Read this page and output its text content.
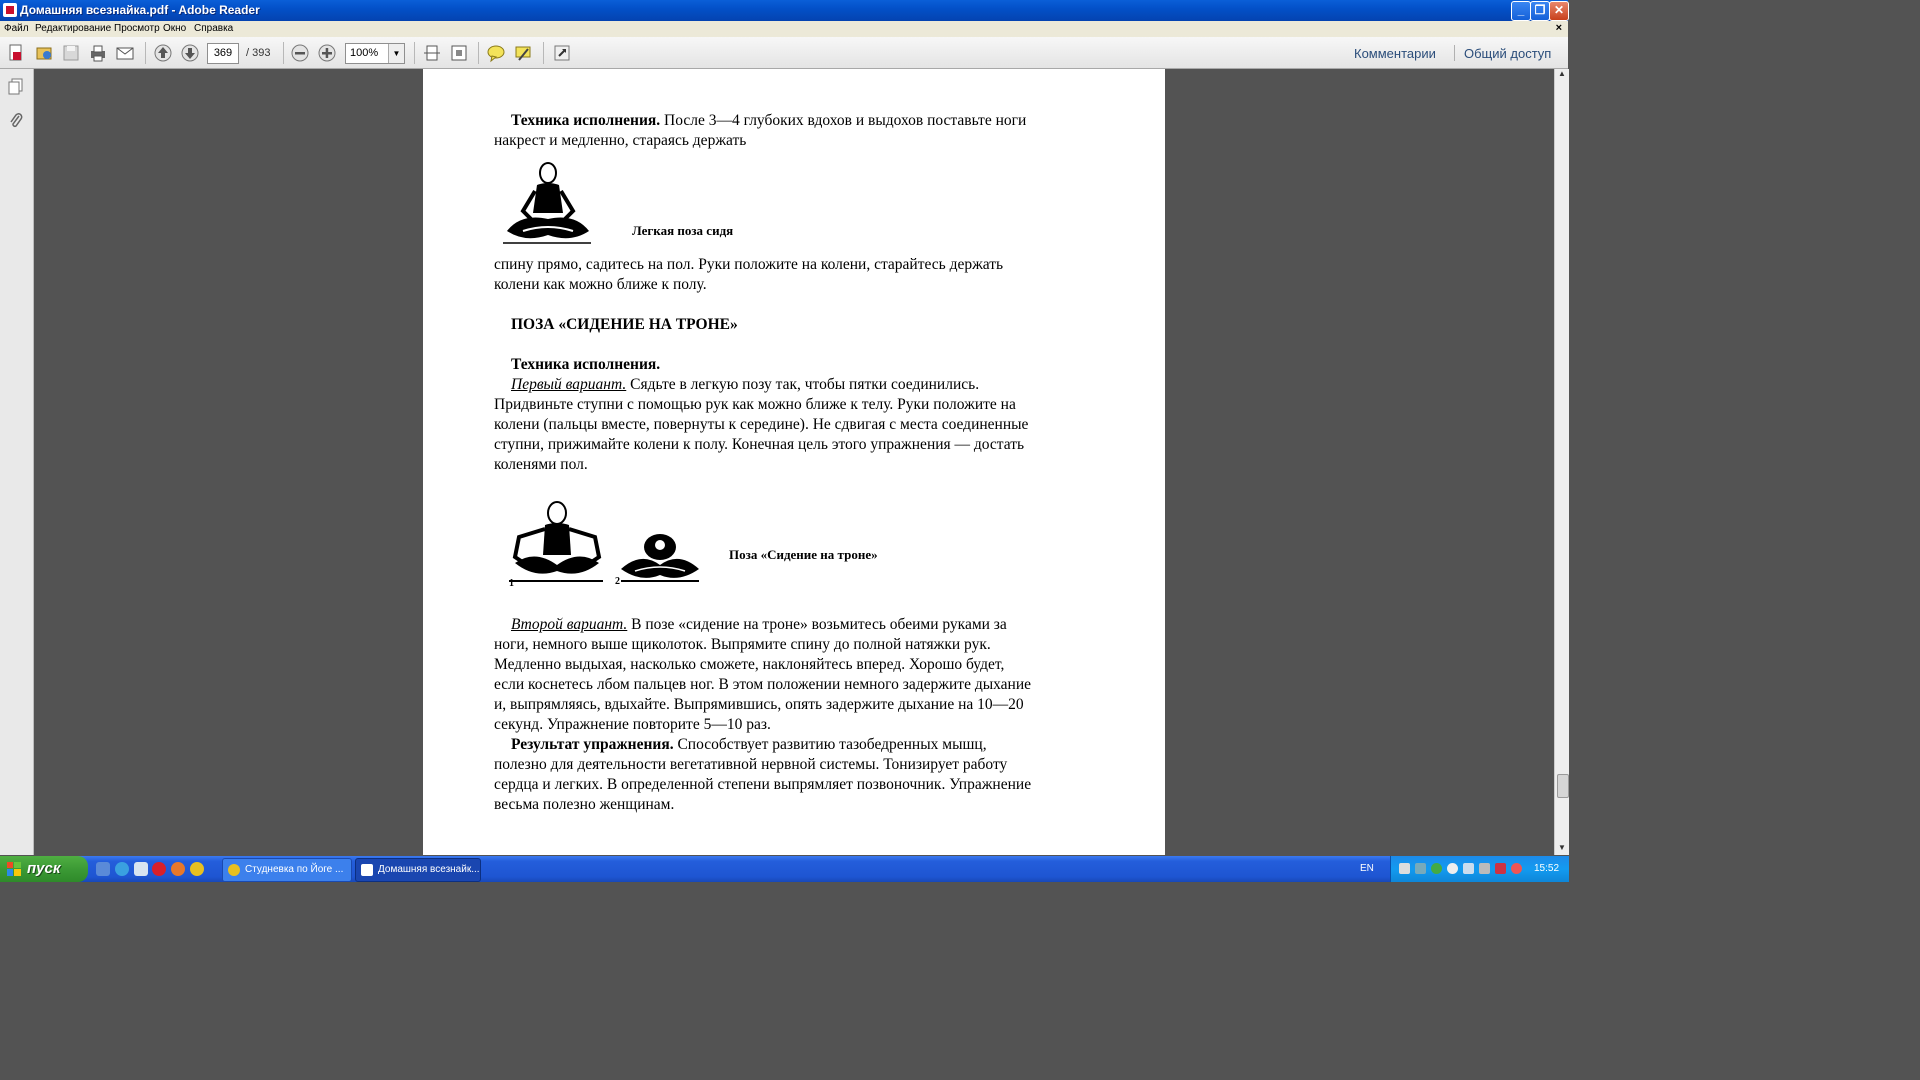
Домашняя всезнайка.pdf - Adobe Reader	_ ❐ ✕
Файл Редактирование Просмотр Окно Справка	×
369	/ 393	100%	▼	Комментарии Общий доступ
Техника исполнения. После 3—4 глубоких вдохов и выдохов поставьте ноги
накрест и медленно, стараясь держать
Легкая поза сидя
спину прямо, садитесь на пол. Руки положите на колени, старайтесь держать
колени как можно ближе к полу.
ПОЗА «СИДЕНИЕ НА ТРОНЕ»
Техника исполнения.
Первый вариант. Сядьте в легкую позу так, чтобы пятки соединились.
Придвиньте ступни с помощью рук как можно ближе к телу. Руки положите на
колени (пальцы вместе, повернуты к середине). Не сдвигая с места соединенные
ступни, прижимайте колени к полу. Конечная цель этого упражнения — достать
коленями пол.
1	2
Поза «Сидение на троне»
Второй вариант. В позе «сидение на троне» возьмитесь обеими руками за
ноги, немного выше щиколоток. Выпрямите спину до полной натяжки рук.
Медленно выдыхая, насколько сможете, наклоняйтесь вперед. Хорошо будет,
если коснетесь лбом пальцев ног. В этом положении немного задержите дыхание
и, выпрямляясь, вдыхайте. Выпрямившись, опять задержите дыхание на 10—20
секунд. Упражнение повторите 5—10 раз.
Результат упражнения. Способствует развитию тазобедренных мышц,
полезно для деятельности вегетативной нервной системы. Тонизирует работу
сердца и легких. В определенной степени выпрямляет позвоночник. Упражнение
весьма полезно женщинам.
▲
▼
пуск	Студневка по Йоге ...	Домашняя всезнайк...	EN	15:52
